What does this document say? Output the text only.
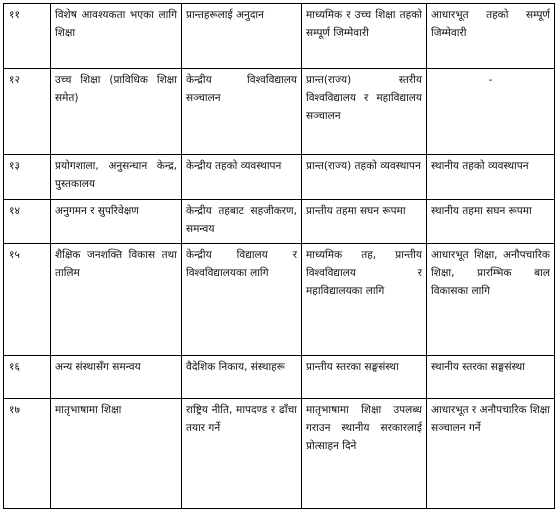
११	विशेष आवश्यकता भएका लागि शिक्षा	प्रान्तहरूलाई अनुदान	माध्यमिक र उच्च शिक्षा तहको सम्पूर्ण जिम्मेवारी	आधारभूत तहको सम्पूर्ण जिम्मेवारी
१२	उच्च शिक्षा (प्राविधिक शिक्षा समेत)	केन्द्रीय विश्वविद्यालय सञ्चालन	प्रान्त(राज्य) स्तरीय विश्वविद्यालय र महाविद्यालय सञ्चालन	-
१३	प्रयोगशाला, अनुसन्धान केन्द्र, पुस्तकालय	केन्द्रीय तहको व्यवस्थापन	प्रान्त(राज्य) तहको व्यवस्थापन	स्थानीय तहको व्यवस्थापन
१४	अनुगमन र सुपरिवेक्षण	केन्द्रीय तहबाट सहजीकरण, समन्वय	प्रान्तीय तहमा सघन रूपमा	स्थानीय तहमा सघन रूपमा
१५	शैक्षिक जनशक्ति विकास तथा तालिम	केन्द्रीय विद्यालय र विश्वविद्यालयका लागि	माध्यमिक तह, प्रान्तीय विश्वविद्यालय र महाविद्यालयका लागि	आधारभूत शिक्षा, अनौपचारिक शिक्षा, प्रारम्भिक बाल विकासका लागि
१६	अन्य संस्थासँग समन्वय	वैदेशिक निकाय, संस्थाहरू	प्रान्तीय स्तरका सङ्घसंस्था	स्थानीय स्तरका सङ्घसंस्था
१७	मातृभाषामा शिक्षा	राष्ट्रिय नीति, मापदण्ड र ढाँचा तयार गर्ने	मातृभाषामा शिक्षा उपलब्ध गराउन स्थानीय सरकारलाई प्रोत्साहन दिने	आधारभूत र अनौपचारिक शिक्षा सञ्चालन गर्ने
